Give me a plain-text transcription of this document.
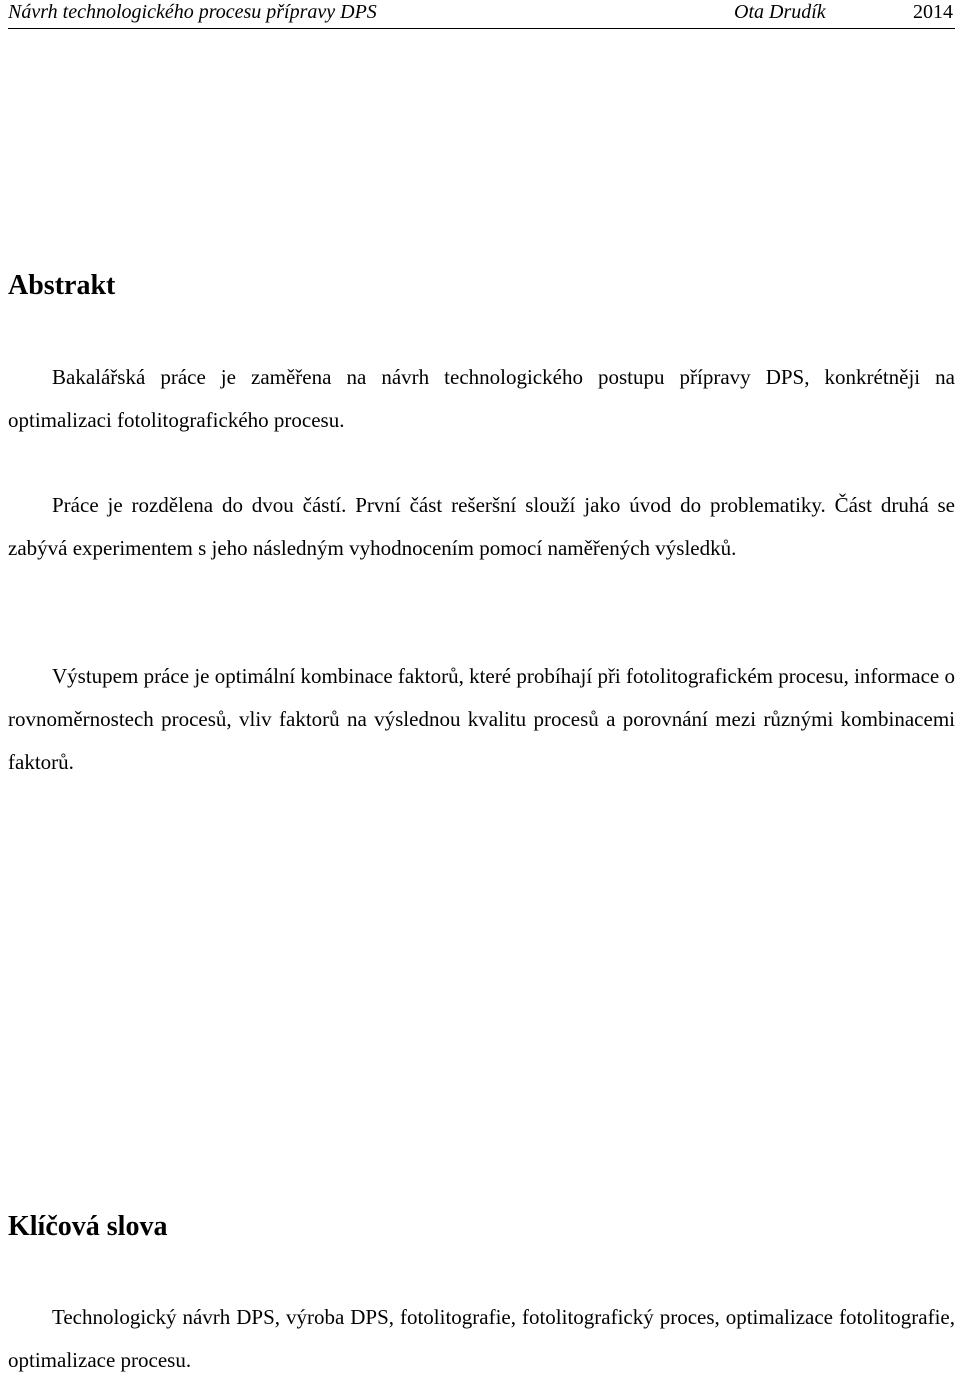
Návrh technologického procesu přípravy DPS	Ota Drudík	2014
Abstrakt

Bakalářská práce je zaměřena na návrh technologického postupu přípravy DPS, konkrétněji na optimalizaci fotolitografického procesu.

Práce je rozdělena do dvou částí. První část rešeršní slouží jako úvod do problematiky. Část druhá se zabývá experimentem s jeho následným vyhodnocením pomocí naměřených výsledků.

Výstupem práce je optimální kombinace faktorů, které probíhají při fotolitografickém procesu, informace o rovnoměrnostech procesů, vliv faktorů na výslednou kvalitu procesů a porovnání mezi různými kombinacemi faktorů.

Klíčová slova

Technologický návrh DPS, výroba DPS, fotolitografie, fotolitografický proces, optimalizace fotolitografie, optimalizace procesu.
